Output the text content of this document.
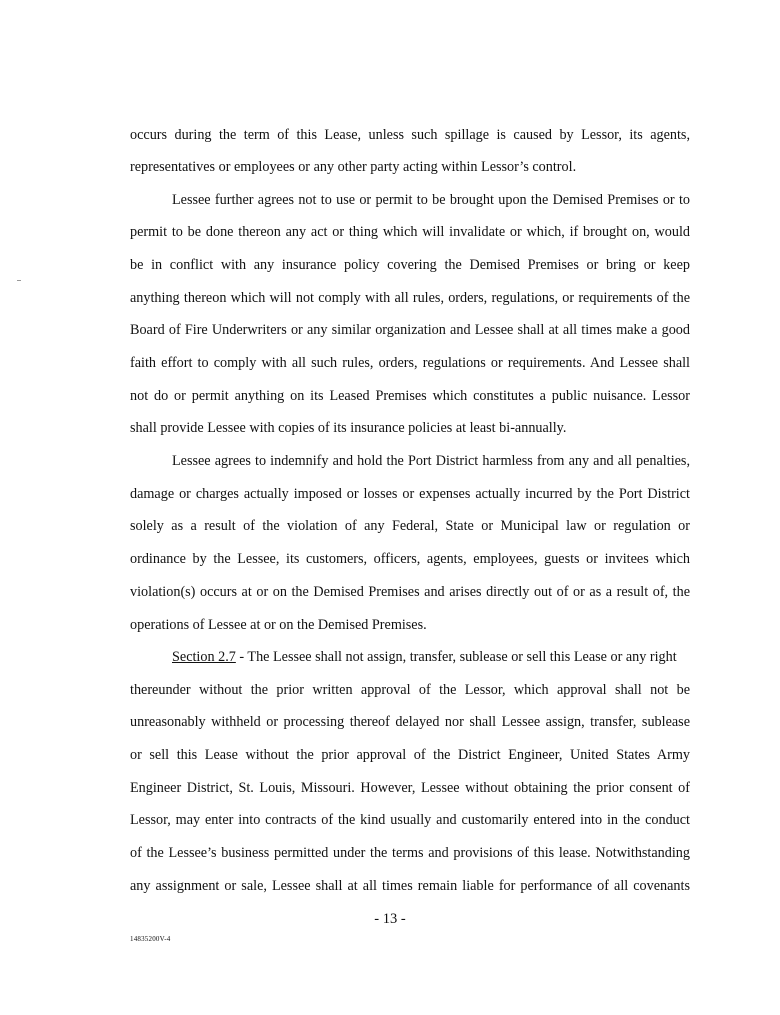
occurs during the term of this Lease, unless such spillage is caused by Lessor, its agents,
representatives or employees or any other party acting within Lessor’s control.
Lessee further agrees not to use or permit to be brought upon the Demised Premises or to
permit to be done thereon any act or thing which will invalidate or which, if brought on, would
be in conflict with any insurance policy covering the Demised Premises or bring or keep
anything thereon which will not comply with all rules, orders, regulations, or requirements of the
Board of Fire Underwriters or any similar organization and Lessee shall at all times make a good
faith effort to comply with all such rules, orders, regulations or requirements. And Lessee shall
not do or permit anything on its Leased Premises which constitutes a public nuisance. Lessor
shall provide Lessee with copies of its insurance policies at least bi-annually.
Lessee agrees to indemnify and hold the Port District harmless from any and all penalties,
damage or charges actually imposed or losses or expenses actually incurred by the Port District
solely as a result of the violation of any Federal, State or Municipal law or regulation or
ordinance by the Lessee, its customers, officers, agents, employees, guests or invitees which
violation(s) occurs at or on the Demised Premises and arises directly out of or as a result of, the
operations of Lessee at or on the Demised Premises.
Section 2.7 - The Lessee shall not assign, transfer, sublease or sell this Lease or any right
thereunder without the prior written approval of the Lessor, which approval shall not be
unreasonably withheld or processing thereof delayed nor shall Lessee assign, transfer, sublease
or sell this Lease without the prior approval of the District Engineer, United States Army
Engineer District, St. Louis, Missouri. However, Lessee without obtaining the prior consent of
Lessor, may enter into contracts of the kind usually and customarily entered into in the conduct
of the Lessee’s business permitted under the terms and provisions of this lease. Notwithstanding
any assignment or sale, Lessee shall at all times remain liable for performance of all covenants
- 13 -
14835200V-4
